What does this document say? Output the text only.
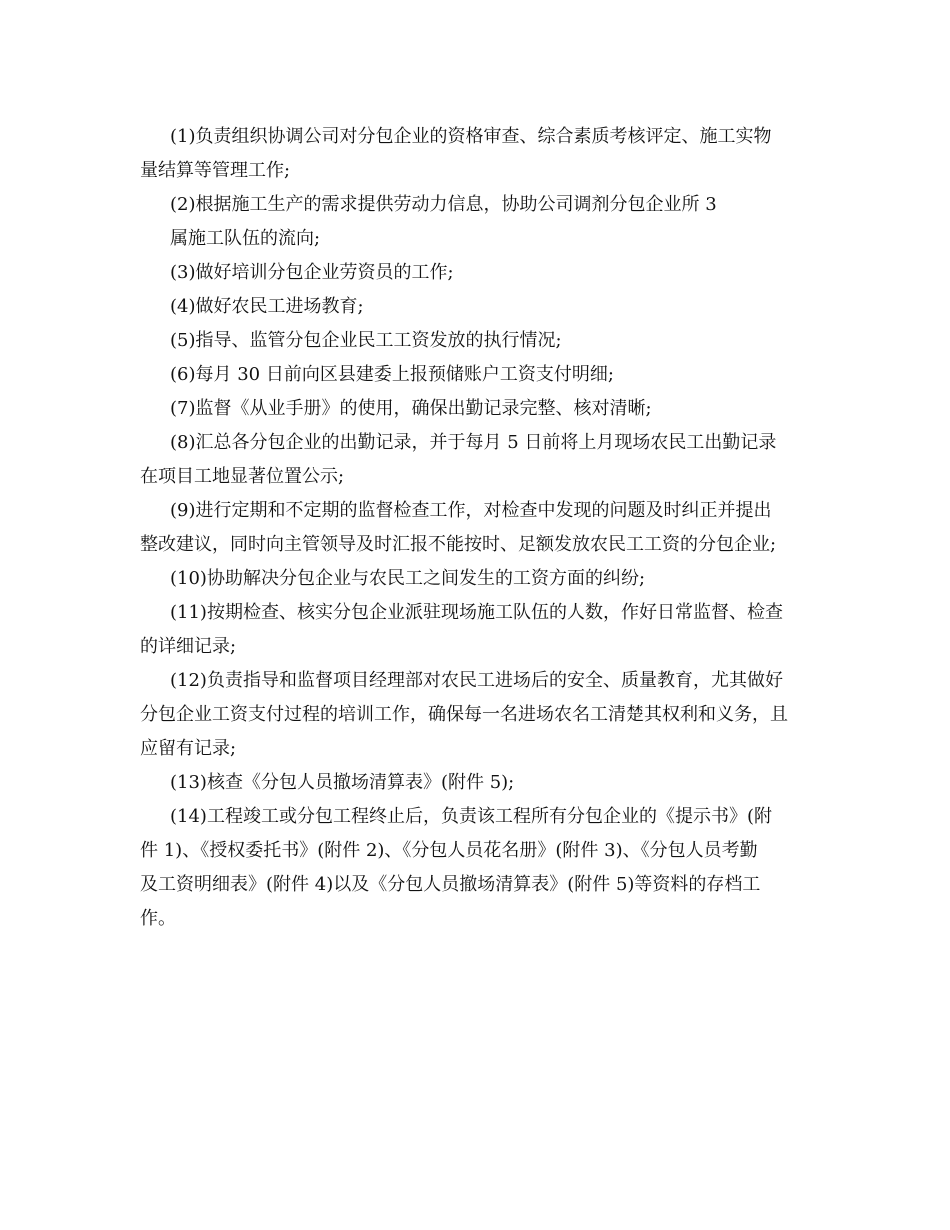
(1)负责组织协调公司对分包企业的资格审查、综合素质考核评定、施工实物

量结算等管理工作;

(2)根据施工生产的需求提供劳动力信息，协助公司调剂分包企业所 3

属施工队伍的流向;

(3)做好培训分包企业劳资员的工作;

(4)做好农民工进场教育;

(5)指导、监管分包企业民工工资发放的执行情况;

(6)每月 30 日前向区县建委上报预储账户工资支付明细;

(7)监督《从业手册》的使用，确保出勤记录完整、核对清晰;

(8)汇总各分包企业的出勤记录，并于每月 5 日前将上月现场农民工出勤记录

在项目工地显著位置公示;

(9)进行定期和不定期的监督检查工作，对检查中发现的问题及时纠正并提出

整改建议，同时向主管领导及时汇报不能按时、足额发放农民工工资的分包企业;

(10)协助解决分包企业与农民工之间发生的工资方面的纠纷;

(11)按期检查、核实分包企业派驻现场施工队伍的人数，作好日常监督、检查

的详细记录;

(12)负责指导和监督项目经理部对农民工进场后的安全、质量教育，尤其做好

分包企业工资支付过程的培训工作，确保每一名进场农名工清楚其权利和义务，且

应留有记录;

(13)核查《分包人员撤场清算表》(附件 5);

(14)工程竣工或分包工程终止后，负责该工程所有分包企业的《提示书》(附

件 1)、《授权委托书》(附件 2)、《分包人员花名册》(附件 3)、《分包人员考勤

及工资明细表》(附件 4)以及《分包人员撤场清算表》(附件 5)等资料的存档工

作。
